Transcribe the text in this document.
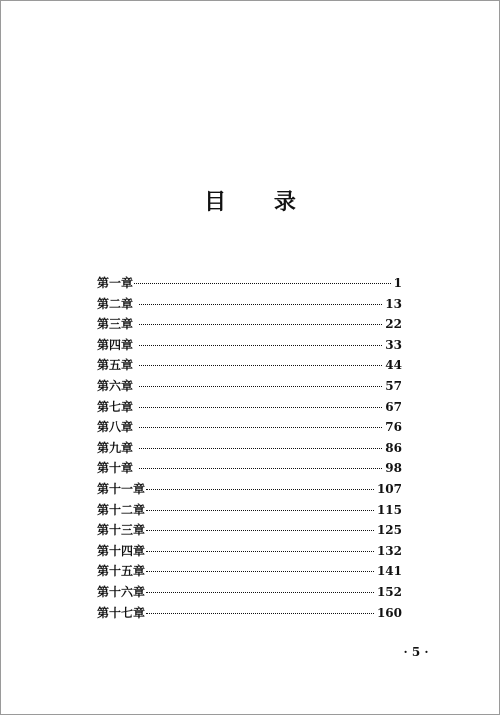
目 录
第一章	1
第二章	13
第三章	22
第四章	33
第五章	44
第六章	57
第七章	67
第八章	76
第九章	86
第十章	98
第十一章	107
第十二章	115
第十三章	125
第十四章	132
第十五章	141
第十六章	152
第十七章	160
· 5 ·
